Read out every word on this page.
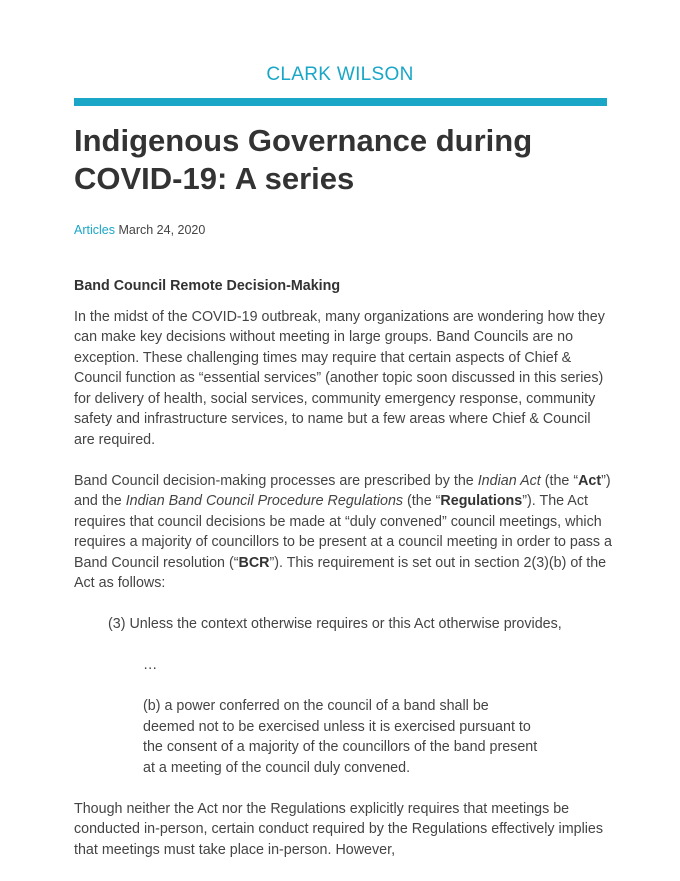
CLARK WILSON
Indigenous Governance during COVID-19: A series
Articles March 24, 2020
Band Council Remote Decision-Making

In the midst of the COVID-19 outbreak, many organizations are wondering how they can make key decisions without meeting in large groups. Band Councils are no exception. These challenging times may require that certain aspects of Chief & Council function as “essential services” (another topic soon discussed in this series) for delivery of health, social services, community emergency response, community safety and infrastructure services, to name but a few areas where Chief & Council are required.

Band Council decision-making processes are prescribed by the Indian Act (the “Act”) and the Indian Band Council Procedure Regulations (the “Regulations”). The Act requires that council decisions be made at “duly convened” council meetings, which requires a majority of councillors to be present at a council meeting in order to pass a Band Council resolution (“BCR”). This requirement is set out in section 2(3)(b) of the Act as follows:

(3) Unless the context otherwise requires or this Act otherwise provides,

…

(b) a power conferred on the council of a band shall be deemed not to be exercised unless it is exercised pursuant to the consent of a majority of the councillors of the band present at a meeting of the council duly convened.

Though neither the Act nor the Regulations explicitly requires that meetings be conducted in-person, certain conduct required by the Regulations effectively implies that meetings must take place in-person. However,
